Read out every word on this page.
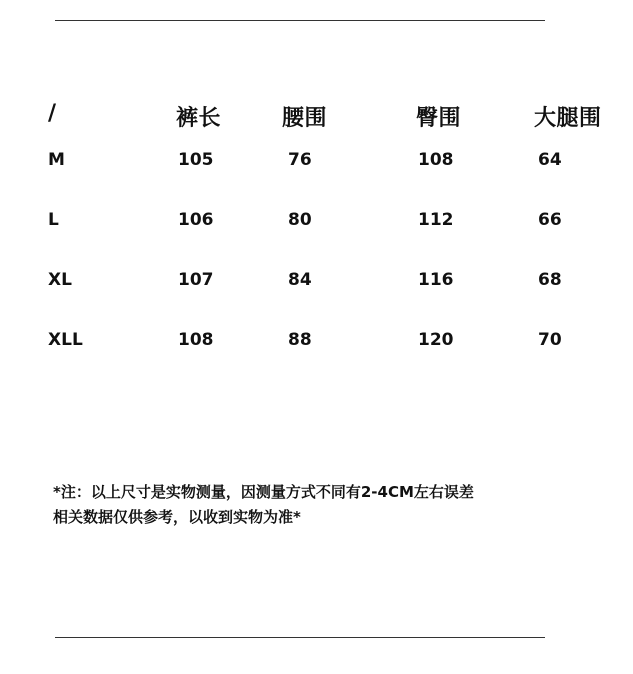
/	裤长	腰围	臀围	大腿围
M	105	76	108	64
L	106	80	112	66
XL	107	84	116	68
XLL	108	88	120	70
*注：以上尺寸是实物测量，因测量方式不同有2-4CM左右误差
相关数据仅供参考，以收到实物为准*
